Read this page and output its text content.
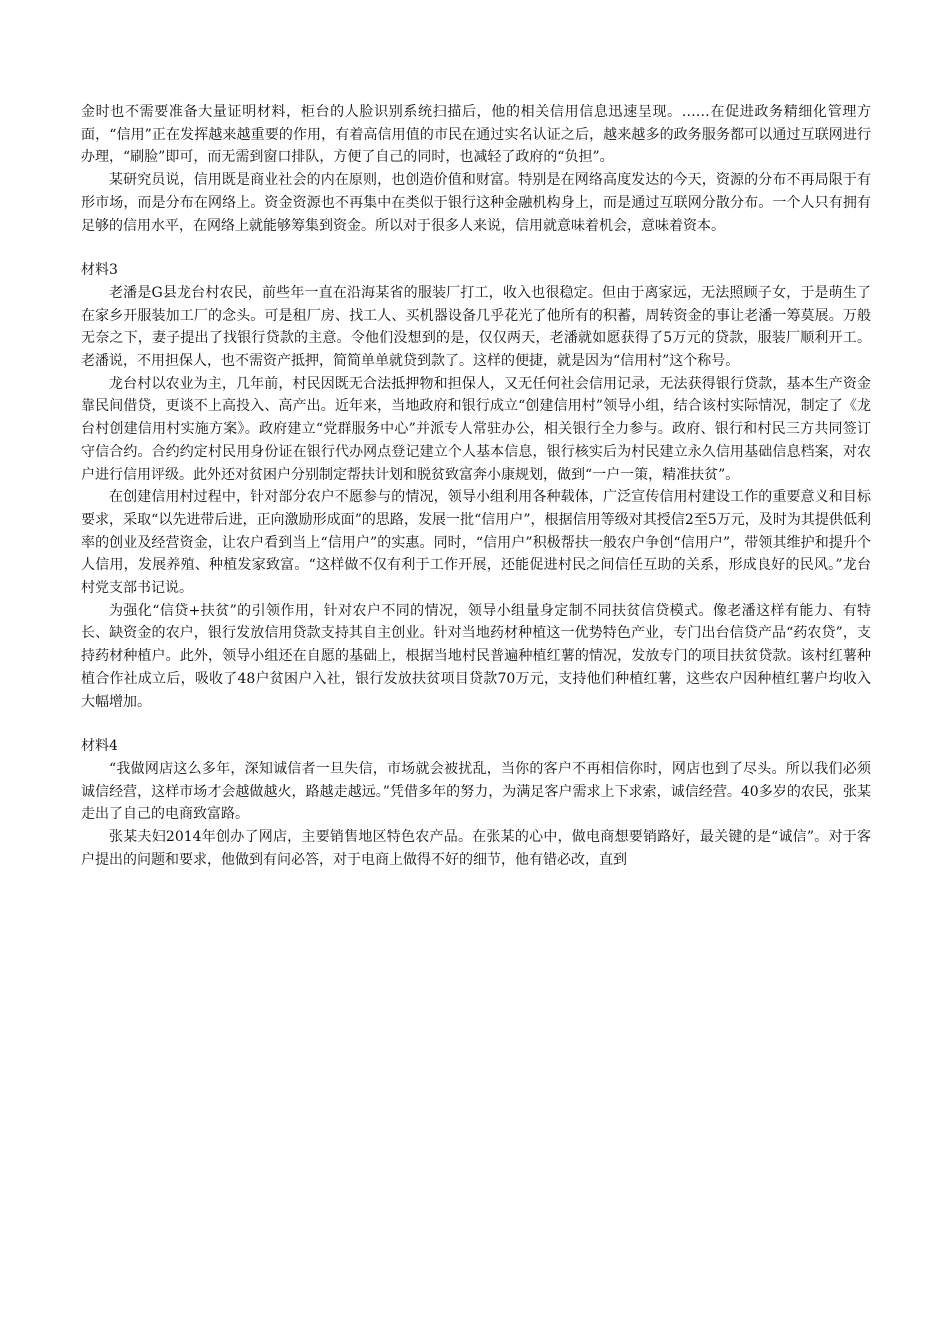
金时也不需要准备大量证明材料，柜台的人脸识别系统扫描后，他的相关信用信息迅速呈现。……在促进政务精细化管理方面，“信用”正在发挥越来越重要的作用，有着高信用值的市民在通过实名认证之后，越来越多的政务服务都可以通过互联网进行办理，“刷脸”即可，而无需到窗口排队，方便了自己的同时，也减轻了政府的“负担”。

某研究员说，信用既是商业社会的内在原则，也创造价值和财富。特别是在网络高度发达的今天，资源的分布不再局限于有形市场，而是分布在网络上。资金资源也不再集中在类似于银行这种金融机构身上，而是通过互联网分散分布。一个人只有拥有足够的信用水平，在网络上就能够筹集到资金。所以对于很多人来说，信用就意味着机会，意味着资本。

材料3

老潘是G县龙台村农民，前些年一直在沿海某省的服装厂打工，收入也很稳定。但由于离家远，无法照顾子女，于是萌生了在家乡开服装加工厂的念头。可是租厂房、找工人、买机器设备几乎花光了他所有的积蓄，周转资金的事让老潘一筹莫展。万般无奈之下，妻子提出了找银行贷款的主意。令他们没想到的是，仅仅两天，老潘就如愿获得了5万元的贷款，服装厂顺利开工。老潘说，不用担保人，也不需资产抵押，简简单单就贷到款了。这样的便捷，就是因为“信用村”这个称号。

龙台村以农业为主，几年前，村民因既无合法抵押物和担保人，又无任何社会信用记录，无法获得银行贷款，基本生产资金靠民间借贷，更谈不上高投入、高产出。近年来，当地政府和银行成立“创建信用村”领导小组，结合该村实际情况，制定了《龙台村创建信用村实施方案》。政府建立“党群服务中心”并派专人常驻办公，相关银行全力参与。政府、银行和村民三方共同签订守信合约。合约约定村民用身份证在银行代办网点登记建立个人基本信息，银行核实后为村民建立永久信用基础信息档案，对农户进行信用评级。此外还对贫困户分别制定帮扶计划和脱贫致富奔小康规划，做到“一户一策，精准扶贫”。

在创建信用村过程中，针对部分农户不愿参与的情况，领导小组利用各种载体，广泛宣传信用村建设工作的重要意义和目标要求，采取“以先进带后进，正向激励形成面”的思路，发展一批“信用户”，根据信用等级对其授信2至5万元，及时为其提供低利率的创业及经营资金，让农户看到当上“信用户”的实惠。同时，“信用户”积极帮扶一般农户争创“信用户”，带领其维护和提升个人信用，发展养殖、种植发家致富。“这样做不仅有利于工作开展，还能促进村民之间信任互助的关系，形成良好的民风。”龙台村党支部书记说。

为强化“信贷+扶贫”的引领作用，针对农户不同的情况，领导小组量身定制不同扶贫信贷模式。像老潘这样有能力、有特长、缺资金的农户，银行发放信用贷款支持其自主创业。针对当地药材种植这一优势特色产业，专门出台信贷产品“药农贷”，支持药材种植户。此外，领导小组还在自愿的基础上，根据当地村民普遍种植红薯的情况，发放专门的项目扶贫贷款。该村红薯种植合作社成立后，吸收了48户贫困户入社，银行发放扶贫项目贷款70万元，支持他们种植红薯，这些农户因种植红薯户均收入大幅增加。

材料4

“我做网店这么多年，深知诚信者一旦失信，市场就会被扰乱，当你的客户不再相信你时，网店也到了尽头。所以我们必须诚信经营，这样市场才会越做越火，路越走越远。”凭借多年的努力，为满足客户需求上下求索，诚信经营。40多岁的农民，张某走出了自己的电商致富路。

张某夫妇2014年创办了网店，主要销售地区特色农产品。在张某的心中，做电商想要销路好，最关键的是“诚信”。对于客户提出的问题和要求，他做到有问必答，对于电商上做得不好的细节，他有错必改，直到
